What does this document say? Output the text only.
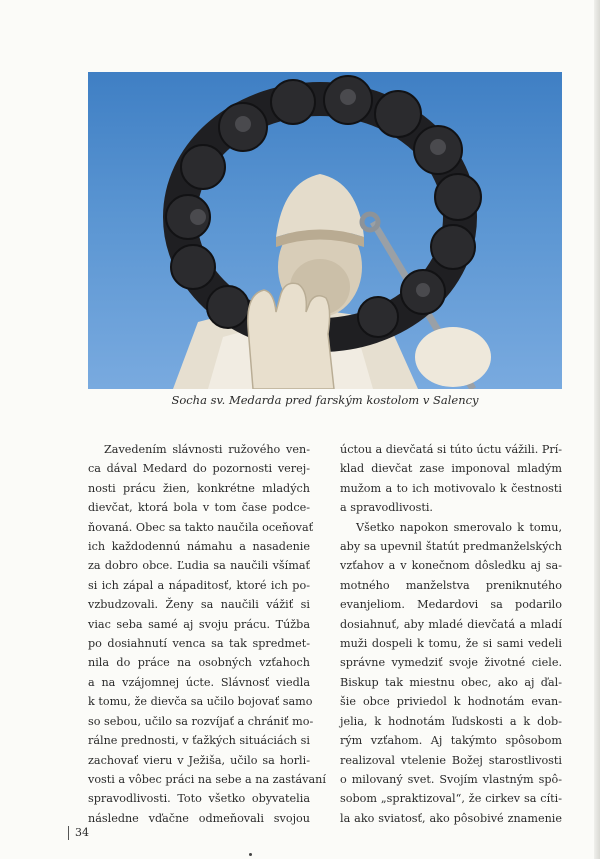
Socha sv. Medarda pred farským kostolom v Salency
Zavedením slávnosti ružového ven-
ca dával Medard do pozornosti verej-
nosti prácu žien, konkrétne mladých
dievčat, ktorá bola v tom čase podce-
ňovaná. Obec sa takto naučila oceňovať
ich každodennú námahu a nasadenie
za dobro obce. Ľudia sa naučili všímať
si ich zápal a nápaditosť, ktoré ich po-
vzbudzovali. Ženy sa naučili vážiť si
viac seba samé aj svoju prácu. Túžba
po dosiahnutí venca sa tak spredmet-
nila do práce na osobných vzťahoch
a na vzájomnej úcte. Slávnosť viedla
k tomu, že dievča sa učilo bojovať samo
so sebou, učilo sa rozvíjať a chrániť mo-
rálne prednosti, v ťažkých situáciách si
zachovať vieru v Ježiša, učilo sa horli-
vosti a vôbec práci na sebe a na zastávaní
spravodlivosti. Toto všetko obyvatelia
následne vďačne odmeňovali svojou
úctou a dievčatá si túto úctu vážili. Prí-
klad dievčat zase imponoval mladým
mužom a to ich motivovalo k čestnosti
a spravodlivosti.
Všetko napokon smerovalo k tomu,
aby sa upevnil štatút predmanželských
vzťahov a v konečnom dôsledku aj sa-
motného manželstva preniknutého
evanjeliom. Medardovi sa podarilo
dosiahnuť, aby mladé dievčatá a mladí
muži dospeli k tomu, že si sami vedeli
správne vymedziť svoje životné ciele.
Biskup tak miestnu obec, ako aj ďal-
šie obce priviedol k hodnotám evan-
jelia, k hodnotám ľudskosti a k dob-
rým vzťahom. Aj takýmto spôsobom
realizoval vtelenie Božej starostlivosti
o milovaný svet. Svojím vlastným spô-
sobom „spraktizoval“, že cirkev sa cíti-
la ako sviatosť, ako pôsobivé znamenie
34
